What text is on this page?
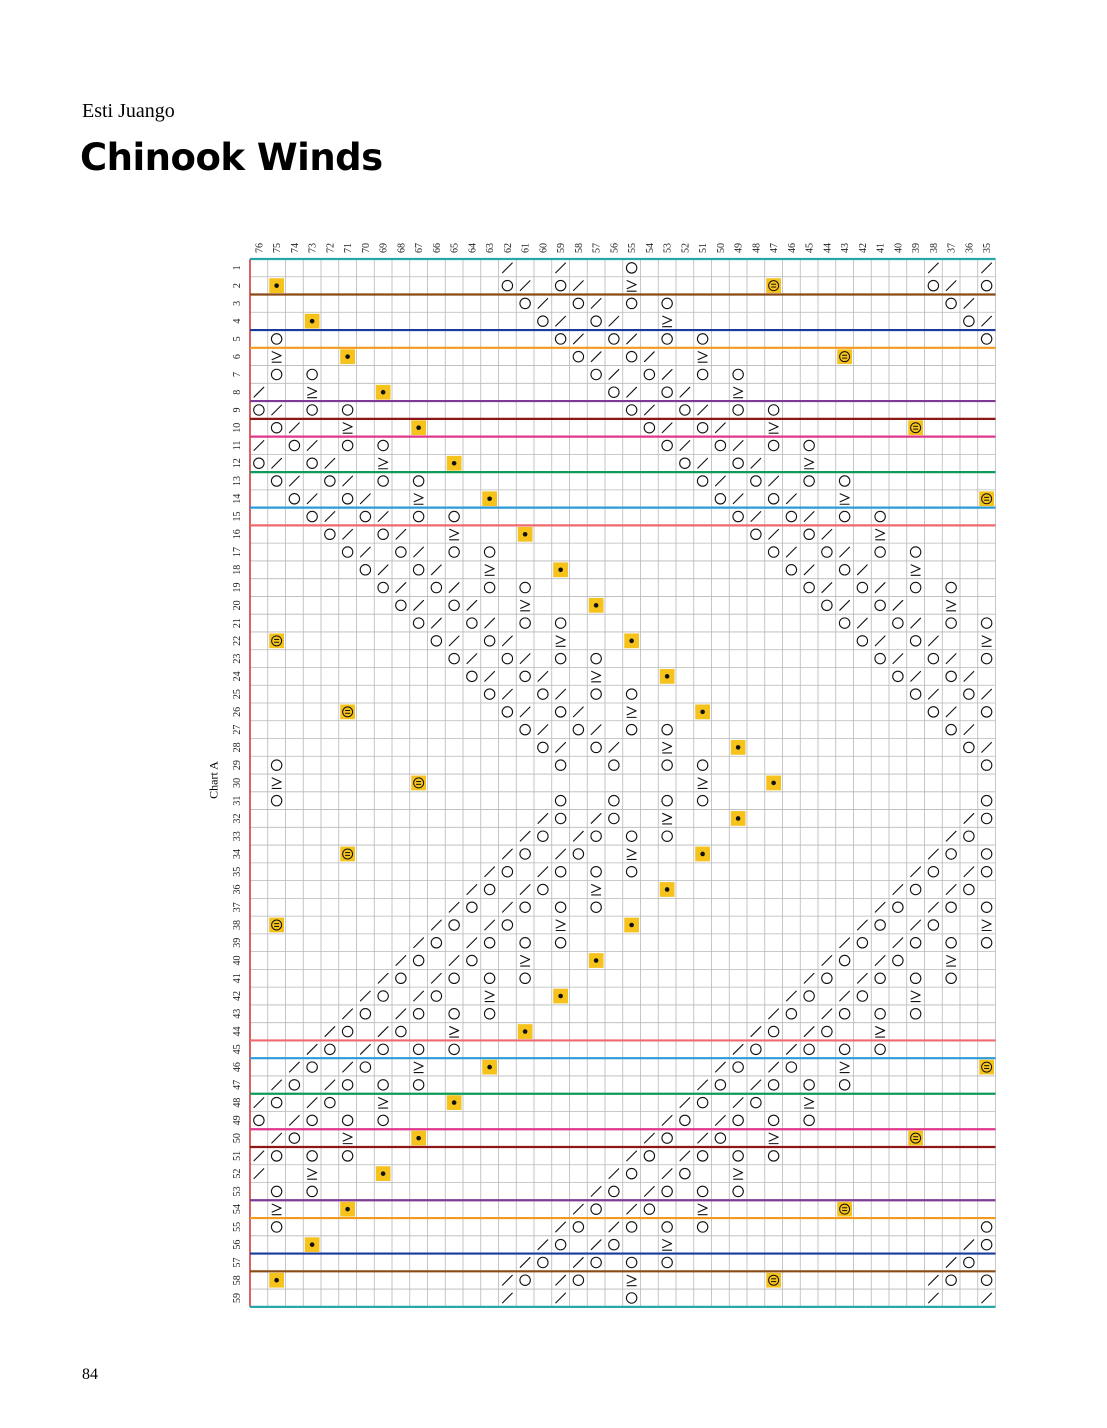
Esti Juango
Chinook Winds
Chart A
76 75 74 73 72 71 70 69 68 67 66 65 64 63 62 61 60 59 58 57 56 55 54 53 52 51 50 49 48 47 46 45 44 43 42 41 40 39 38 37 36 35
1
2
3
4
5
6
7
8
9
10
11
12
13
14
15
16
17
18
19
20
21
22
23
24
25
26
27
28
29
30
31
32
33
34
35
36
37
38
39
40
41
42
43
44
45
46
47
48
49
50
51
52
53
54
55
56
57
58
59
84
